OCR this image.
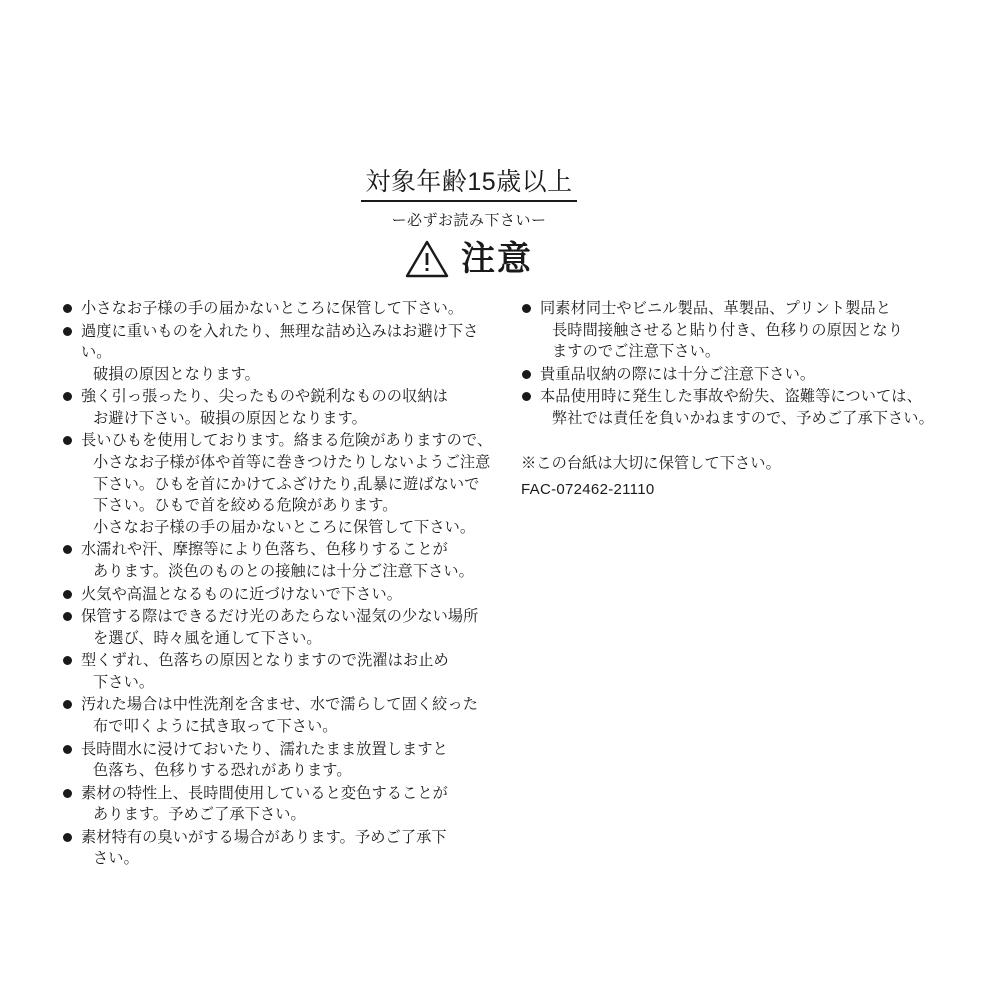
対象年齢15歳以上
ー必ずお読み下さいー
注意
小さなお子様の手の届かないところに保管して下さい。
過度に重いものを入れたり、無理な詰め込みはお避け下さい。
破損の原因となります。
強く引っ張ったり、尖ったものや鋭利なものの収納は
お避け下さい。破損の原因となります。
長いひもを使用しております。絡まる危険がありますので、
小さなお子様が体や首等に巻きつけたりしないようご注意
下さい。ひもを首にかけてふざけたり,乱暴に遊ばないで
下さい。ひもで首を絞める危険があります。
小さなお子様の手の届かないところに保管して下さい。
水濡れや汗、摩擦等により色落ち、色移りすることが
あります。淡色のものとの接触には十分ご注意下さい。
火気や高温となるものに近づけないで下さい。
保管する際はできるだけ光のあたらない湿気の少ない場所
を選び、時々風を通して下さい。
型くずれ、色落ちの原因となりますので洗濯はお止め
下さい。
汚れた場合は中性洗剤を含ませ、水で濡らして固く絞った
布で叩くように拭き取って下さい。
長時間水に浸けておいたり、濡れたまま放置しますと
色落ち、色移りする恐れがあります。
素材の特性上、長時間使用していると変色することが
あります。予めご了承下さい。
素材特有の臭いがする場合があります。予めご了承下
さい。
同素材同士やビニル製品、革製品、プリント製品と
長時間接触させると貼り付き、色移りの原因となり
ますのでご注意下さい。
貴重品収納の際には十分ご注意下さい。
本品使用時に発生した事故や紛失、盗難等については、
弊社では責任を負いかねますので、予めご了承下さい。
※この台紙は大切に保管して下さい。
FAC-072462-21110
